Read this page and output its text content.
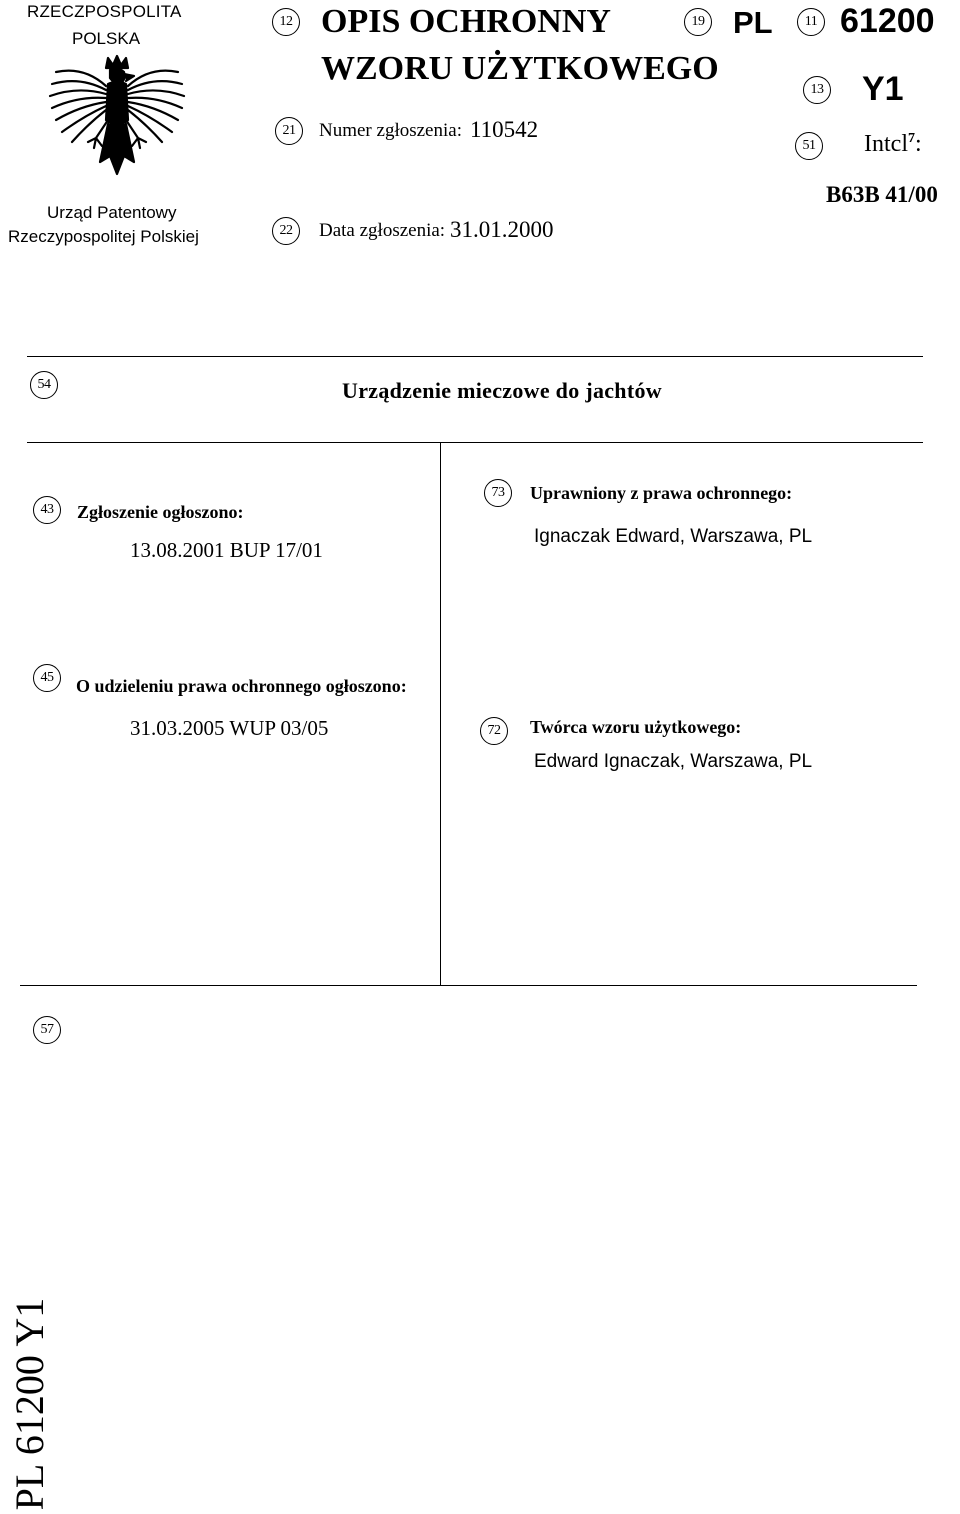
RZECZPOSPOLITA
POLSKA
Urząd Patentowy
Rzeczypospolitej Polskiej
12 OPIS OCHRONNY
WZORU UŻYTKOWEGO
19 PL	11 61200
13 Y1
21	Numer zgłoszenia: 110542
51	Intcl$^7$:
B63B 41/00
22	Data zgłoszenia: 31.01.2000
54	Urządzenie mieczowe do jachtów
43	Zgłoszenie ogłoszono:
13.08.2001 BUP 17/01
45	O udzieleniu prawa ochronnego ogłoszono:
31.03.2005 WUP 03/05
73	Uprawniony z prawa ochronnego:
Ignaczak Edward, Warszawa, PL
72	Twórca wzoru użytkowego:
Edward Ignaczak, Warszawa, PL
57
PL 61200 Y1
